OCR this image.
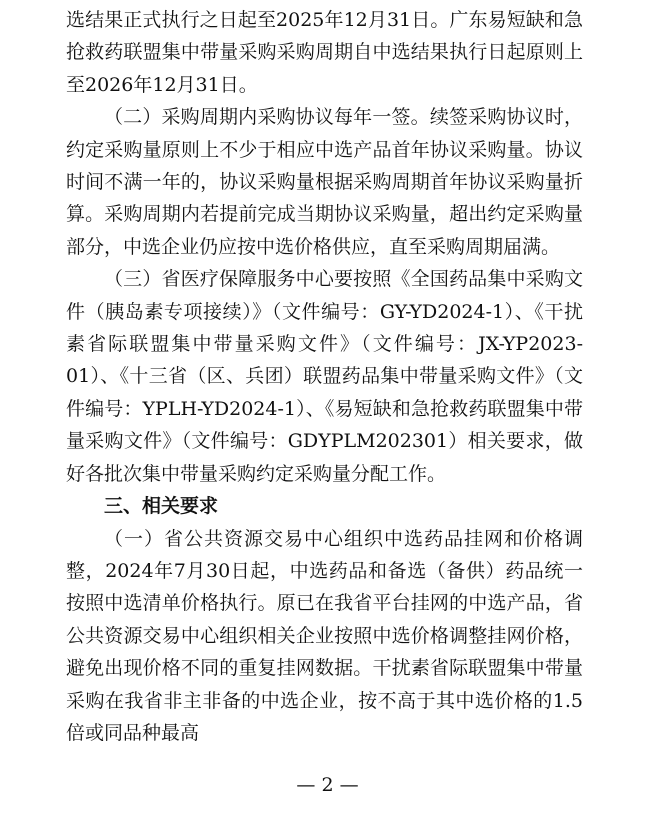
选结果正式执行之日起至2025年12月31日。广东易短缺和急抢救药联盟集中带量采购采购周期自中选结果执行日起原则上至2026年12月31日。

（二）采购周期内采购协议每年一签。续签采购协议时，约定采购量原则上不少于相应中选产品首年协议采购量。协议时间不满一年的，协议采购量根据采购周期首年协议采购量折算。采购周期内若提前完成当期协议采购量，超出约定采购量部分，中选企业仍应按中选价格供应，直至采购周期届满。

（三）省医疗保障服务中心要按照《全国药品集中采购文件（胰岛素专项接续）》（文件编号：GY-YD2024-1）、《干扰素省际联盟集中带量采购文件》（文件编号：JX-YP2023-01）、《十三省（区、兵团）联盟药品集中带量采购文件》（文件编号：YPLH-YD2024-1）、《易短缺和急抢救药联盟集中带量采购文件》（文件编号：GDYPLM202301）相关要求，做好各批次集中带量采购约定采购量分配工作。

三、相关要求

（一）省公共资源交易中心组织中选药品挂网和价格调整，2024年7月30日起，中选药品和备选（备供）药品统一按照中选清单价格执行。原已在我省平台挂网的中选产品，省公共资源交易中心组织相关企业按照中选价格调整挂网价格，避免出现价格不同的重复挂网数据。干扰素省际联盟集中带量采购在我省非主非备的中选企业，按不高于其中选价格的1.5倍或同品种最高

— 2 —
